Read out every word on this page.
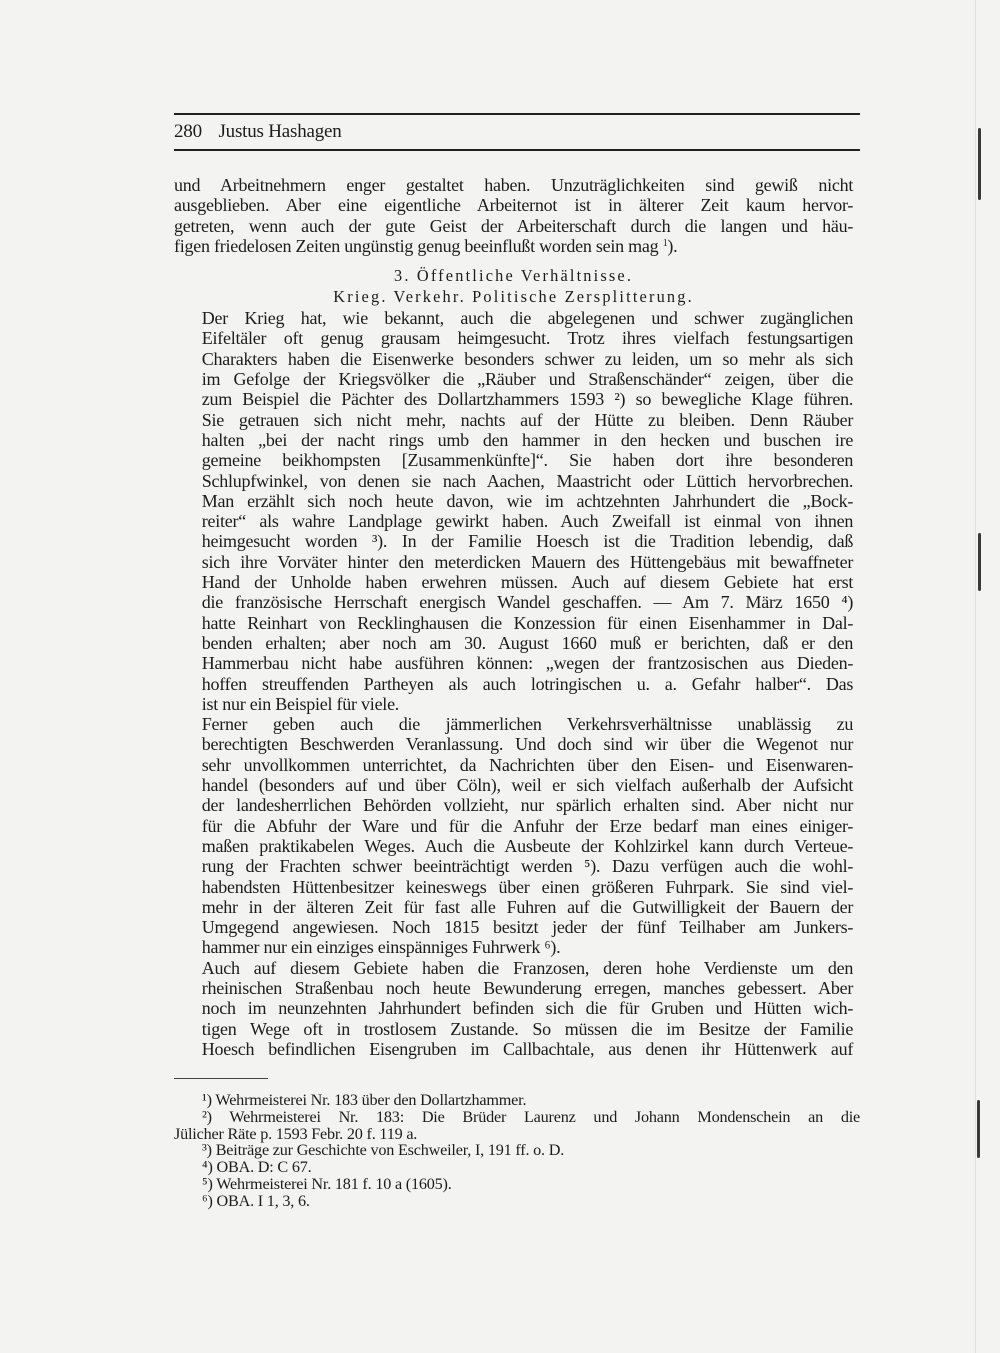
280 Justus Hashagen

und Arbeitnehmern enger gestaltet haben. Unzuträglichkeiten sind gewiß nicht
ausgeblieben. Aber eine eigentliche Arbeiternot ist in älterer Zeit kaum hervor-
getreten, wenn auch der gute Geist der Arbeiterschaft durch die langen und häu-
figen friedelosen Zeiten ungünstig genug beeinflußt worden sein mag $^1$).

3. Öffentliche Verhältnisse.
Krieg. Verkehr. Politische Zersplitterung.

Der Krieg hat, wie bekannt, auch die abgelegenen und schwer zugänglichen
Eifeltäler oft genug grausam heimgesucht. Trotz ihres vielfach festungsartigen
Charakters haben die Eisenwerke besonders schwer zu leiden, um so mehr als sich
im Gefolge der Kriegsvölker die „Räuber und Straßenschänder“ zeigen, über die
zum Beispiel die Pächter des Dollartzhammers 1593 ²) so bewegliche Klage führen.
Sie getrauen sich nicht mehr, nachts auf der Hütte zu bleiben. Denn Räuber
halten „bei der nacht rings umb den hammer in den hecken und buschen ire
gemeine beikhompsten [Zusammenkünfte]“. Sie haben dort ihre besonderen
Schlupfwinkel, von denen sie nach Aachen, Maastricht oder Lüttich hervorbrechen.
Man erzählt sich noch heute davon, wie im achtzehnten Jahrhundert die „Bock-
reiter“ als wahre Landplage gewirkt haben. Auch Zweifall ist einmal von ihnen
heimgesucht worden ³). In der Familie Hoesch ist die Tradition lebendig, daß
sich ihre Vorväter hinter den meterdicken Mauern des Hüttengebäus mit bewaffneter
Hand der Unholde haben erwehren müssen. Auch auf diesem Gebiete hat erst
die französische Herrschaft energisch Wandel geschaffen. — Am 7. März 1650 ⁴)
hatte Reinhart von Recklinghausen die Konzession für einen Eisenhammer in Dal-
benden erhalten; aber noch am 30. August 1660 muß er berichten, daß er den
Hammerbau nicht habe ausführen können: „wegen der frantzosischen aus Dieden-
hoffen streuffenden Partheyen als auch lotringischen u. a. Gefahr halber“. Das
ist nur ein Beispiel für viele.

Ferner geben auch die jämmerlichen Verkehrsverhältnisse unablässig zu
berechtigten Beschwerden Veranlassung. Und doch sind wir über die Wegenot nur
sehr unvollkommen unterrichtet, da Nachrichten über den Eisen- und Eisenwaren-
handel (besonders auf und über Cöln), weil er sich vielfach außerhalb der Aufsicht
der landesherrlichen Behörden vollzieht, nur spärlich erhalten sind. Aber nicht nur
für die Abfuhr der Ware und für die Anfuhr der Erze bedarf man eines einiger-
maßen praktikabelen Weges. Auch die Ausbeute der Kohlzirkel kann durch Verteue-
rung der Frachten schwer beeinträchtigt werden ⁵). Dazu verfügen auch die wohl-
habendsten Hüttenbesitzer keineswegs über einen größeren Fuhrpark. Sie sind viel-
mehr in der älteren Zeit für fast alle Fuhren auf die Gutwilligkeit der Bauern der
Umgegend angewiesen. Noch 1815 besitzt jeder der fünf Teilhaber am Junkers-
hammer nur ein einziges einspänniges Fuhrwerk ⁶).

Auch auf diesem Gebiete haben die Franzosen, deren hohe Verdienste um den
rheinischen Straßenbau noch heute Bewunderung erregen, manches gebessert. Aber
noch im neunzehnten Jahrhundert befinden sich die für Gruben und Hütten wich-
tigen Wege oft in trostlosem Zustande. So müssen die im Besitze der Familie
Hoesch befindlichen Eisengruben im Callbachtale, aus denen ihr Hüttenwerk auf

¹) Wehrmeisterei Nr. 183 über den Dollartzhammer.
²) Wehrmeisterei Nr. 183: Die Brüder Laurenz und Johann Mondenschein an die
Jülicher Räte p. 1593 Febr. 20 f. 119 a.
³) Beiträge zur Geschichte von Eschweiler, I, 191 ff. o. D.
⁴) OBA. D: C 67.
⁵) Wehrmeisterei Nr. 181 f. 10 a (1605).
⁶) OBA. I 1, 3, 6.
